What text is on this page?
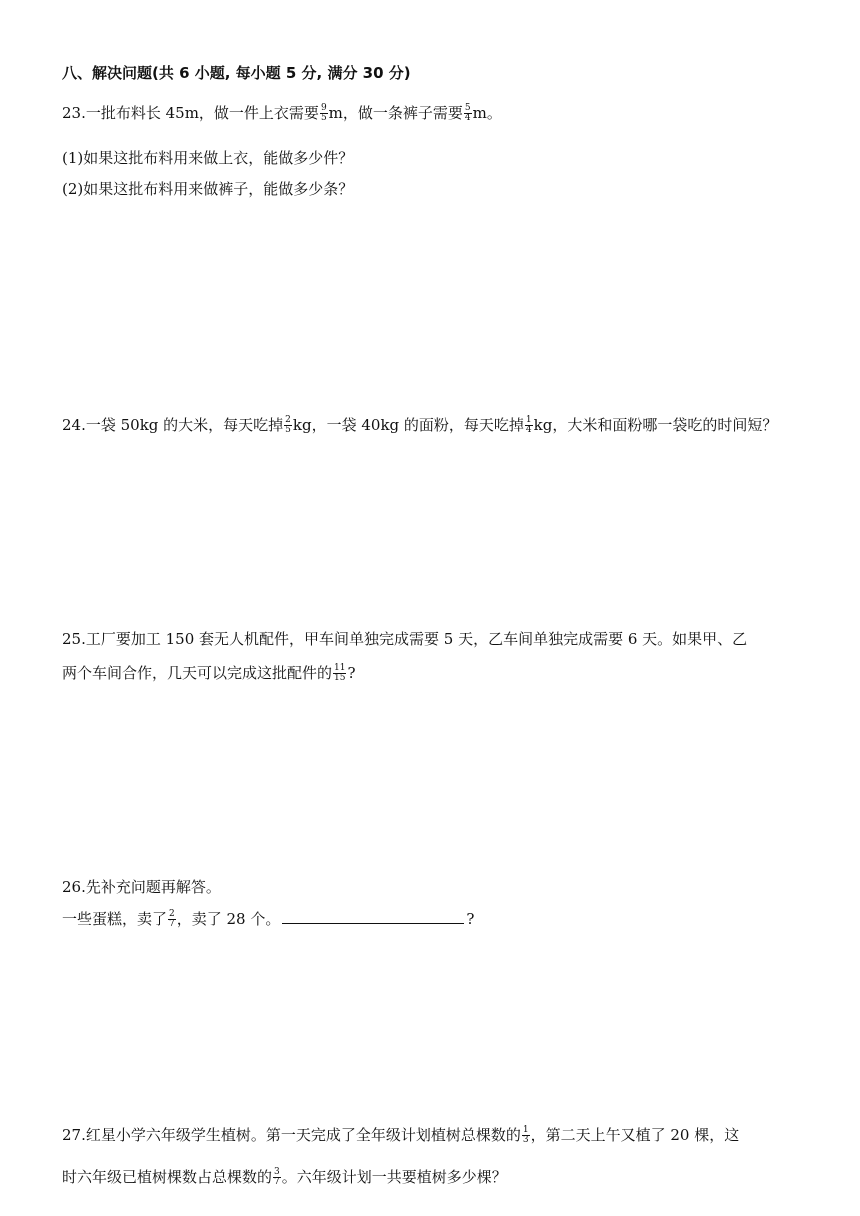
八、解决问题(共 6 小题, 每小题 5 分, 满分 30 分)
23.一批布料长 45m，做一件上衣需要 $\frac{9}{5}$ m，做一条裤子需要 $\frac{5}{4}$ m。
(1)如果这批布料用来做上衣，能做多少件？
(2)如果这批布料用来做裤子，能做多少条？
24.一袋 50kg 的大米，每天吃掉 $\frac{2}{5}$ kg，一袋 40kg 的面粉，每天吃掉 $\frac{1}{4}$ kg，大米和面粉哪一袋吃的时间短？
25.工厂要加工 150 套无人机配件，甲车间单独完成需要 5 天，乙车间单独完成需要 6 天。如果甲、乙
两个车间合作，几天可以完成这批配件的 $\frac{11}{15}$ ?
26.先补充问题再解答。
一些蛋糕，卖了 $\frac{2}{7}$ ，卖了 28 个。	?
27.红星小学六年级学生植树。第一天完成了全年级计划植树总棵数的 $\frac{1}{3}$ ，第二天上午又植了 20 棵，这
时六年级已植树棵数占总棵数的 $\frac{3}{7}$ 。六年级计划一共要植树多少棵？
